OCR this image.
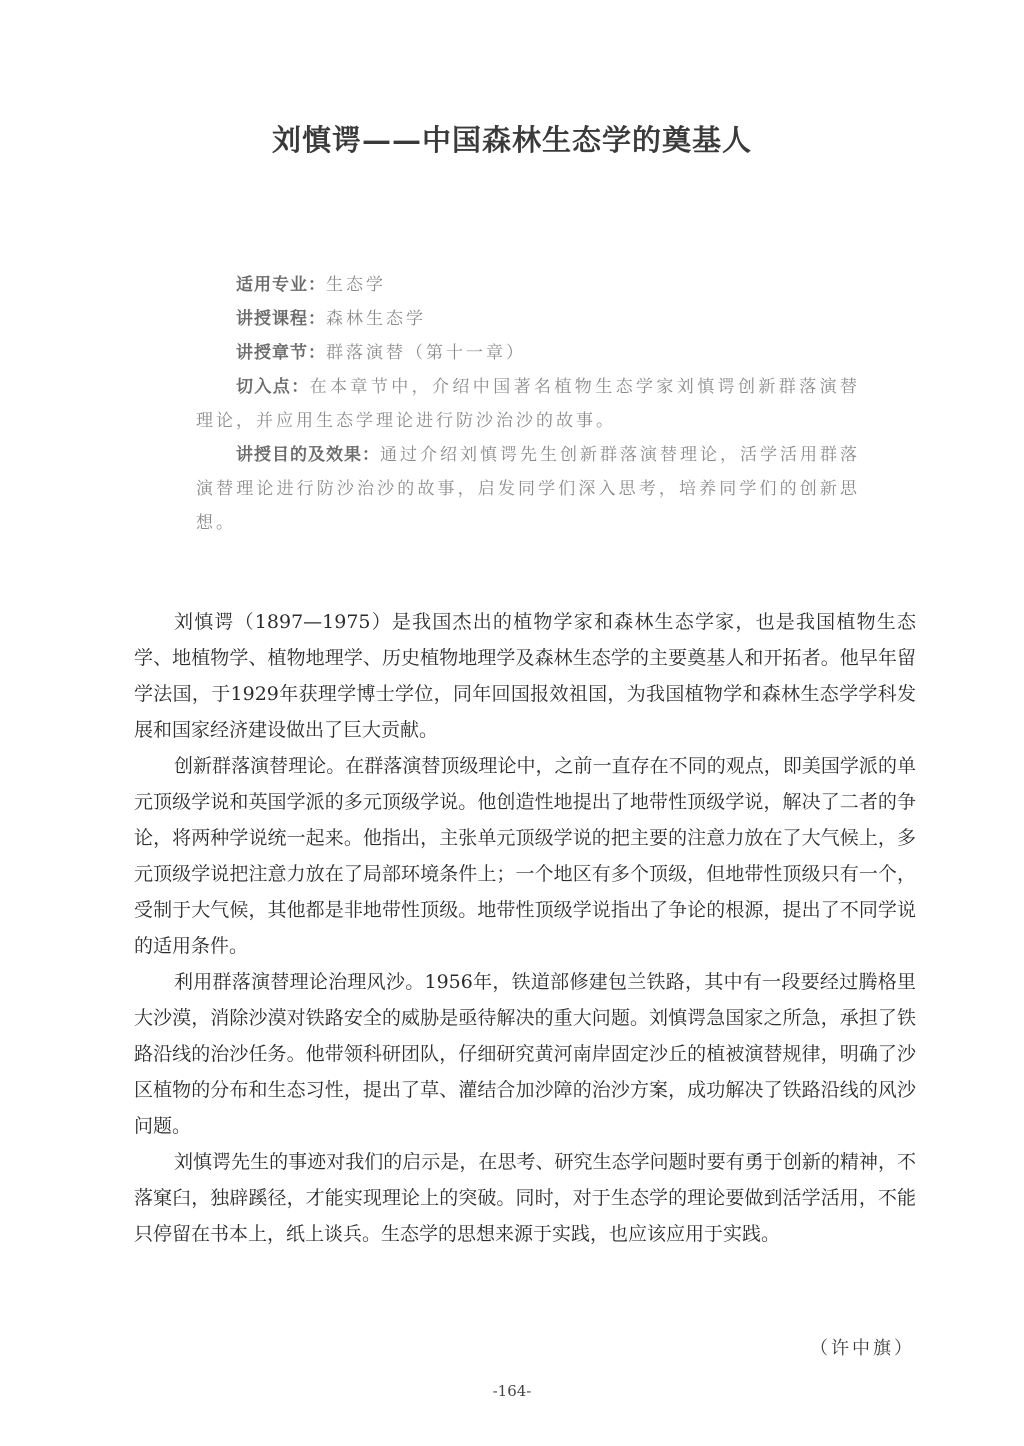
刘慎谔——中国森林生态学的奠基人

适用专业：生态学

讲授课程：森林生态学

讲授章节：群落演替（第十一章）

切入点：在本章节中，介绍中国著名植物生态学家刘慎谔创新群落演替理论，并应用生态学理论进行防沙治沙的故事。

讲授目的及效果：通过介绍刘慎谔先生创新群落演替理论，活学活用群落演替理论进行防沙治沙的故事，启发同学们深入思考，培养同学们的创新思想。

刘慎谔（1897—1975）是我国杰出的植物学家和森林生态学家，也是我国植物生态学、地植物学、植物地理学、历史植物地理学及森林生态学的主要奠基人和开拓者。他早年留学法国，于1929年获理学博士学位，同年回国报效祖国，为我国植物学和森林生态学学科发展和国家经济建设做出了巨大贡献。

创新群落演替理论。在群落演替顶级理论中，之前一直存在不同的观点，即美国学派的单元顶级学说和英国学派的多元顶级学说。他创造性地提出了地带性顶级学说，解决了二者的争论，将两种学说统一起来。他指出，主张单元顶级学说的把主要的注意力放在了大气候上，多元顶级学说把注意力放在了局部环境条件上；一个地区有多个顶级，但地带性顶级只有一个，受制于大气候，其他都是非地带性顶级。地带性顶级学说指出了争论的根源，提出了不同学说的适用条件。

利用群落演替理论治理风沙。1956年，铁道部修建包兰铁路，其中有一段要经过腾格里大沙漠，消除沙漠对铁路安全的威胁是亟待解决的重大问题。刘慎谔急国家之所急，承担了铁路沿线的治沙任务。他带领科研团队，仔细研究黄河南岸固定沙丘的植被演替规律，明确了沙区植物的分布和生态习性，提出了草、灌结合加沙障的治沙方案，成功解决了铁路沿线的风沙问题。

刘慎谔先生的事迹对我们的启示是，在思考、研究生态学问题时要有勇于创新的精神，不落窠臼，独辟蹊径，才能实现理论上的突破。同时，对于生态学的理论要做到活学活用，不能只停留在书本上，纸上谈兵。生态学的思想来源于实践，也应该应用于实践。

（许中旗）
-164-
